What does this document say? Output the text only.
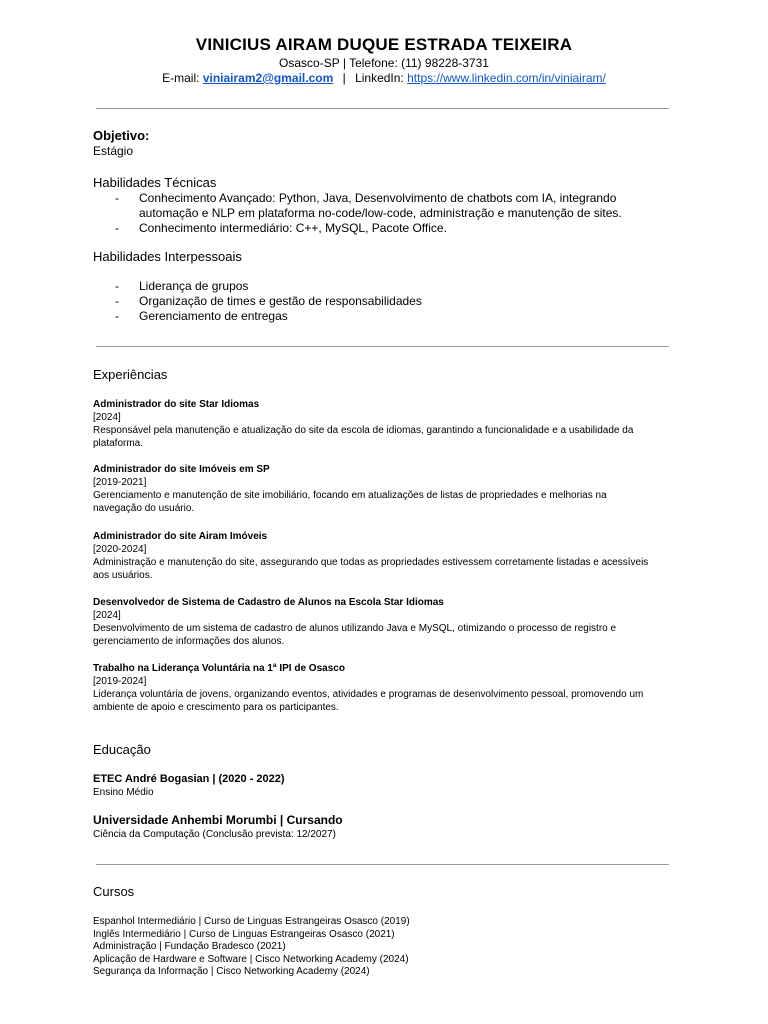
VINICIUS AIRAM DUQUE ESTRADA TEIXEIRA
Osasco-SP | Telefone: (11) 98228-3731
E-mail: viniairam2@gmail.com | LinkedIn: https://www.linkedin.com/in/viniairam/
Objetivo:
Estágio
Habilidades Técnicas
- Conhecimento Avançado: Python, Java, Desenvolvimento de chatbots com IA, integrando automação e NLP em plataforma no-code/low-code, administração e manutenção de sites.
- Conhecimento intermediário: C++, MySQL, Pacote Office.
Habilidades Interpessoais
- Liderança de grupos
- Organização de times e gestão de responsabilidades
- Gerenciamento de entregas
Experiências
Administrador do site Star Idiomas
[2024]
Responsável pela manutenção e atualização do site da escola de idiomas, garantindo a funcionalidade e a usabilidade da
plataforma.
Administrador do site Imóveis em SP
[2019-2021]
Gerenciamento e manutenção de site imobiliário, focando em atualizações de listas de propriedades e melhorias na
navegação do usuário.
Administrador do site Airam Imóveis
[2020-2024]
Administração e manutenção do site, assegurando que todas as propriedades estivessem corretamente listadas e acessíveis
aos usuários.
Desenvolvedor de Sistema de Cadastro de Alunos na Escola Star Idiomas
[2024]
Desenvolvimento de um sistema de cadastro de alunos utilizando Java e MySQL, otimizando o processo de registro e
gerenciamento de informações dos alunos.
Trabalho na Liderança Voluntária na 1ª IPI de Osasco
[2019-2024]
Liderança voluntária de jovens, organizando eventos, atividades e programas de desenvolvimento pessoal, promovendo um
ambiente de apoio e crescimento para os participantes.
Educação
ETEC André Bogasian | (2020 - 2022)
Ensino Médio
Universidade Anhembi Morumbi | Cursando
Ciência da Computação (Conclusão prevista: 12/2027)
Cursos
Espanhol Intermediário | Curso de Linguas Estrangeiras Osasco (2019)
Inglês Intermediário | Curso de Linguas Estrangeiras Osasco (2021)
Administração | Fundação Bradesco (2021)
Aplicação de Hardware e Software | Cisco Networking Academy (2024)
Segurança da Informação | Cisco Networking Academy (2024)
